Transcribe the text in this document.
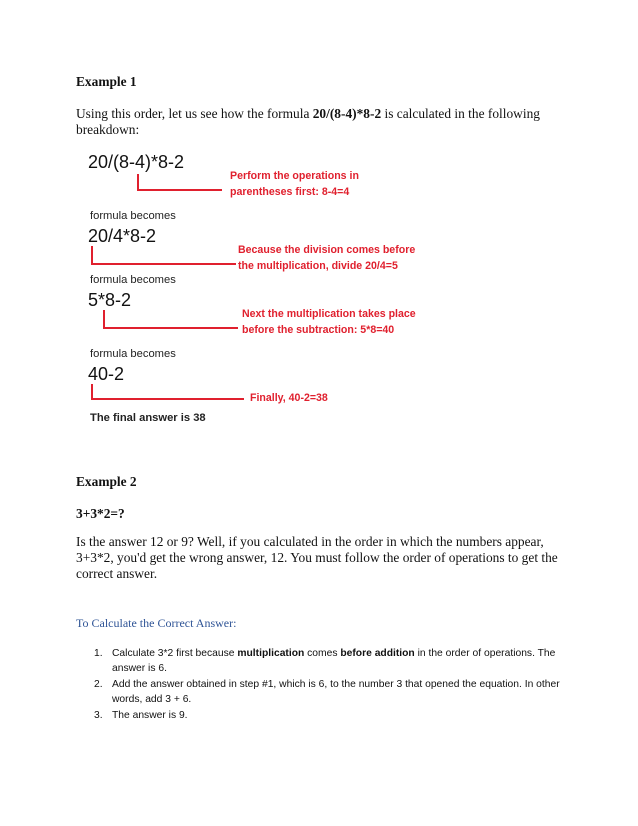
Example 1
Using this order, let us see how the formula 20/(8-4)*8-2 is calculated in the following breakdown:
20/(8-4)*8-2
Perform the operations in
parentheses first: 8-4=4
formula becomes
20/4*8-2
Because the division comes before
the multiplication, divide 20/4=5
formula becomes
5*8-2
Next the multiplication takes place
before the subtraction: 5*8=40
formula becomes
40-2
Finally, 40-2=38
The final answer is 38
Example 2
3+3*2=?
Is the answer 12 or 9? Well, if you calculated in the order in which the numbers appear, 3+3*2, you'd get the wrong answer, 12. You must follow the order of operations to get the correct answer.
To Calculate the Correct Answer:
1. Calculate 3*2 first because multiplication comes before addition in the order of operations. The answer is 6.
2. Add the answer obtained in step #1, which is 6, to the number 3 that opened the equation. In other words, add 3 + 6.
3. The answer is 9.
